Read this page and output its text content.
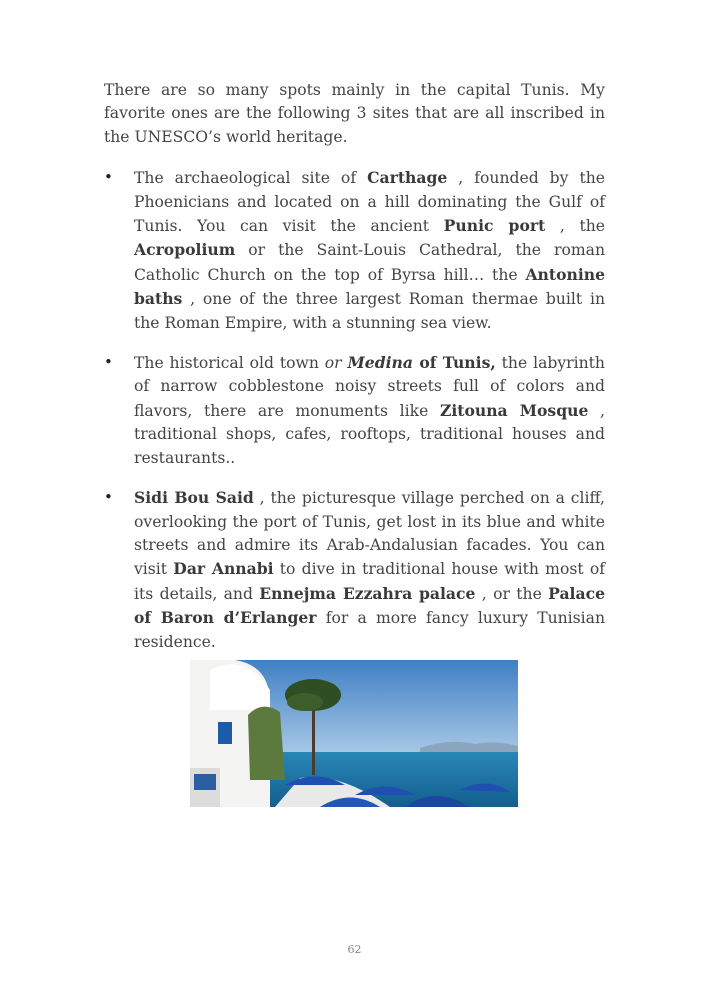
There are so many spots mainly in the capital Tunis. My favorite ones are the following 3 sites that are all inscribed in the UNESCO’s world heritage.

• The archaeological site of Carthage , founded by the Phoenicians and located on a hill dominating the Gulf of Tunis. You can visit the ancient Punic port , the Acropolium or the Saint-Louis Cathedral, the roman Catholic Church on the top of Byrsa hill… the Antonine baths , one of the three largest Roman thermae built in the Roman Empire, with a stunning sea view.
• The historical old town or Medina of Tunis, the labyrinth of narrow cobblestone noisy streets full of colors and flavors, there are monuments like Zitouna Mosque , traditional shops, cafes, rooftops, traditional houses and restaurants..
• Sidi Bou Said , the picturesque village perched on a cliff, overlooking the port of Tunis, get lost in its blue and white streets and admire its Arab-Andalusian facades. You can visit Dar Annabi to dive in traditional house with most of its details, and Ennejma Ezzahra palace , or the Palace of Baron d’Erlanger for a more fancy luxury Tunisian residence.
62
